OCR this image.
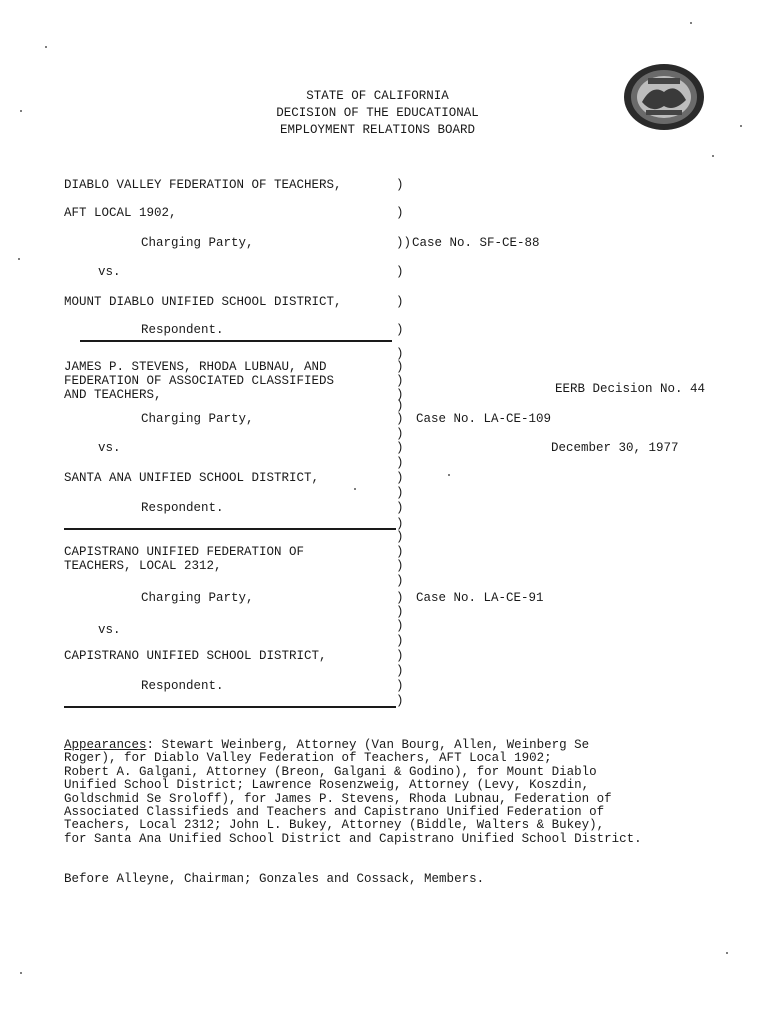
STATE OF CALIFORNIA
DECISION OF THE EDUCATIONAL
EMPLOYMENT RELATIONS BOARD
DIABLO VALLEY FEDERATION OF TEACHERS,
AFT LOCAL 1902,
Charging Party,	Case No. SF-CE-88
vs.
MOUNT DIABLO UNIFIED SCHOOL DISTRICT,
Respondent.
)
)
))
)
)
)
JAMES P. STEVENS, RHODA LUBNAU, AND
FEDERATION OF ASSOCIATED CLASSIFIEDS
AND TEACHERS,	EERB Decision No. 44
Charging Party,	Case No. LA-CE-109
vs.	December 30, 1977
SANTA ANA UNIFIED SCHOOL DISTRICT,
Respondent.
)
)
)
)
)
)
)
)
)
)
)
)
)
CAPISTRANO UNIFIED FEDERATION OF
TEACHERS, LOCAL 2312,
Charging Party,	Case No. LA-CE-91
vs.
CAPISTRANO UNIFIED SCHOOL DISTRICT,
Respondent.
)
)
)
)
)
)
)
)
)
)
)
)
Appearances: Stewart Weinberg, Attorney (Van Bourg, Allen, Weinberg Se
Roger), for Diablo Valley Federation of Teachers, AFT Local 1902;
Robert A. Galgani, Attorney (Breon, Galgani & Godino), for Mount Diablo
Unified School District; Lawrence Rosenzweig, Attorney (Levy, Koszdin,
Goldschmid Se Sroloff), for James P. Stevens, Rhoda Lubnau, Federation of
Associated Classifieds and Teachers and Capistrano Unified Federation of
Teachers, Local 2312; John L. Bukey, Attorney (Biddle, Walters & Bukey),
for Santa Ana Unified School District and Capistrano Unified School District.
Before Alleyne, Chairman; Gonzales and Cossack, Members.
